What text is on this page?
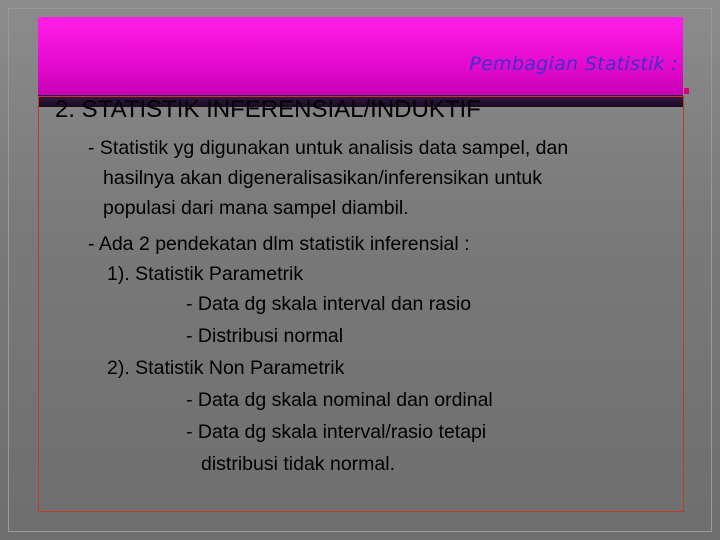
Pembagian Statistik :
2. STATISTIK INFERENSIAL/INDUKTIF
- Statistik yg digunakan untuk analisis data sampel, dan
hasilnya akan digeneralisasikan/inferensikan untuk
populasi dari mana sampel diambil.
- Ada 2 pendekatan dlm statistik inferensial :
1). Statistik Parametrik
- Data dg skala interval dan rasio
- Distribusi normal
2). Statistik Non Parametrik
- Data dg skala nominal dan ordinal
- Data dg skala interval/rasio tetapi
distribusi tidak normal.
